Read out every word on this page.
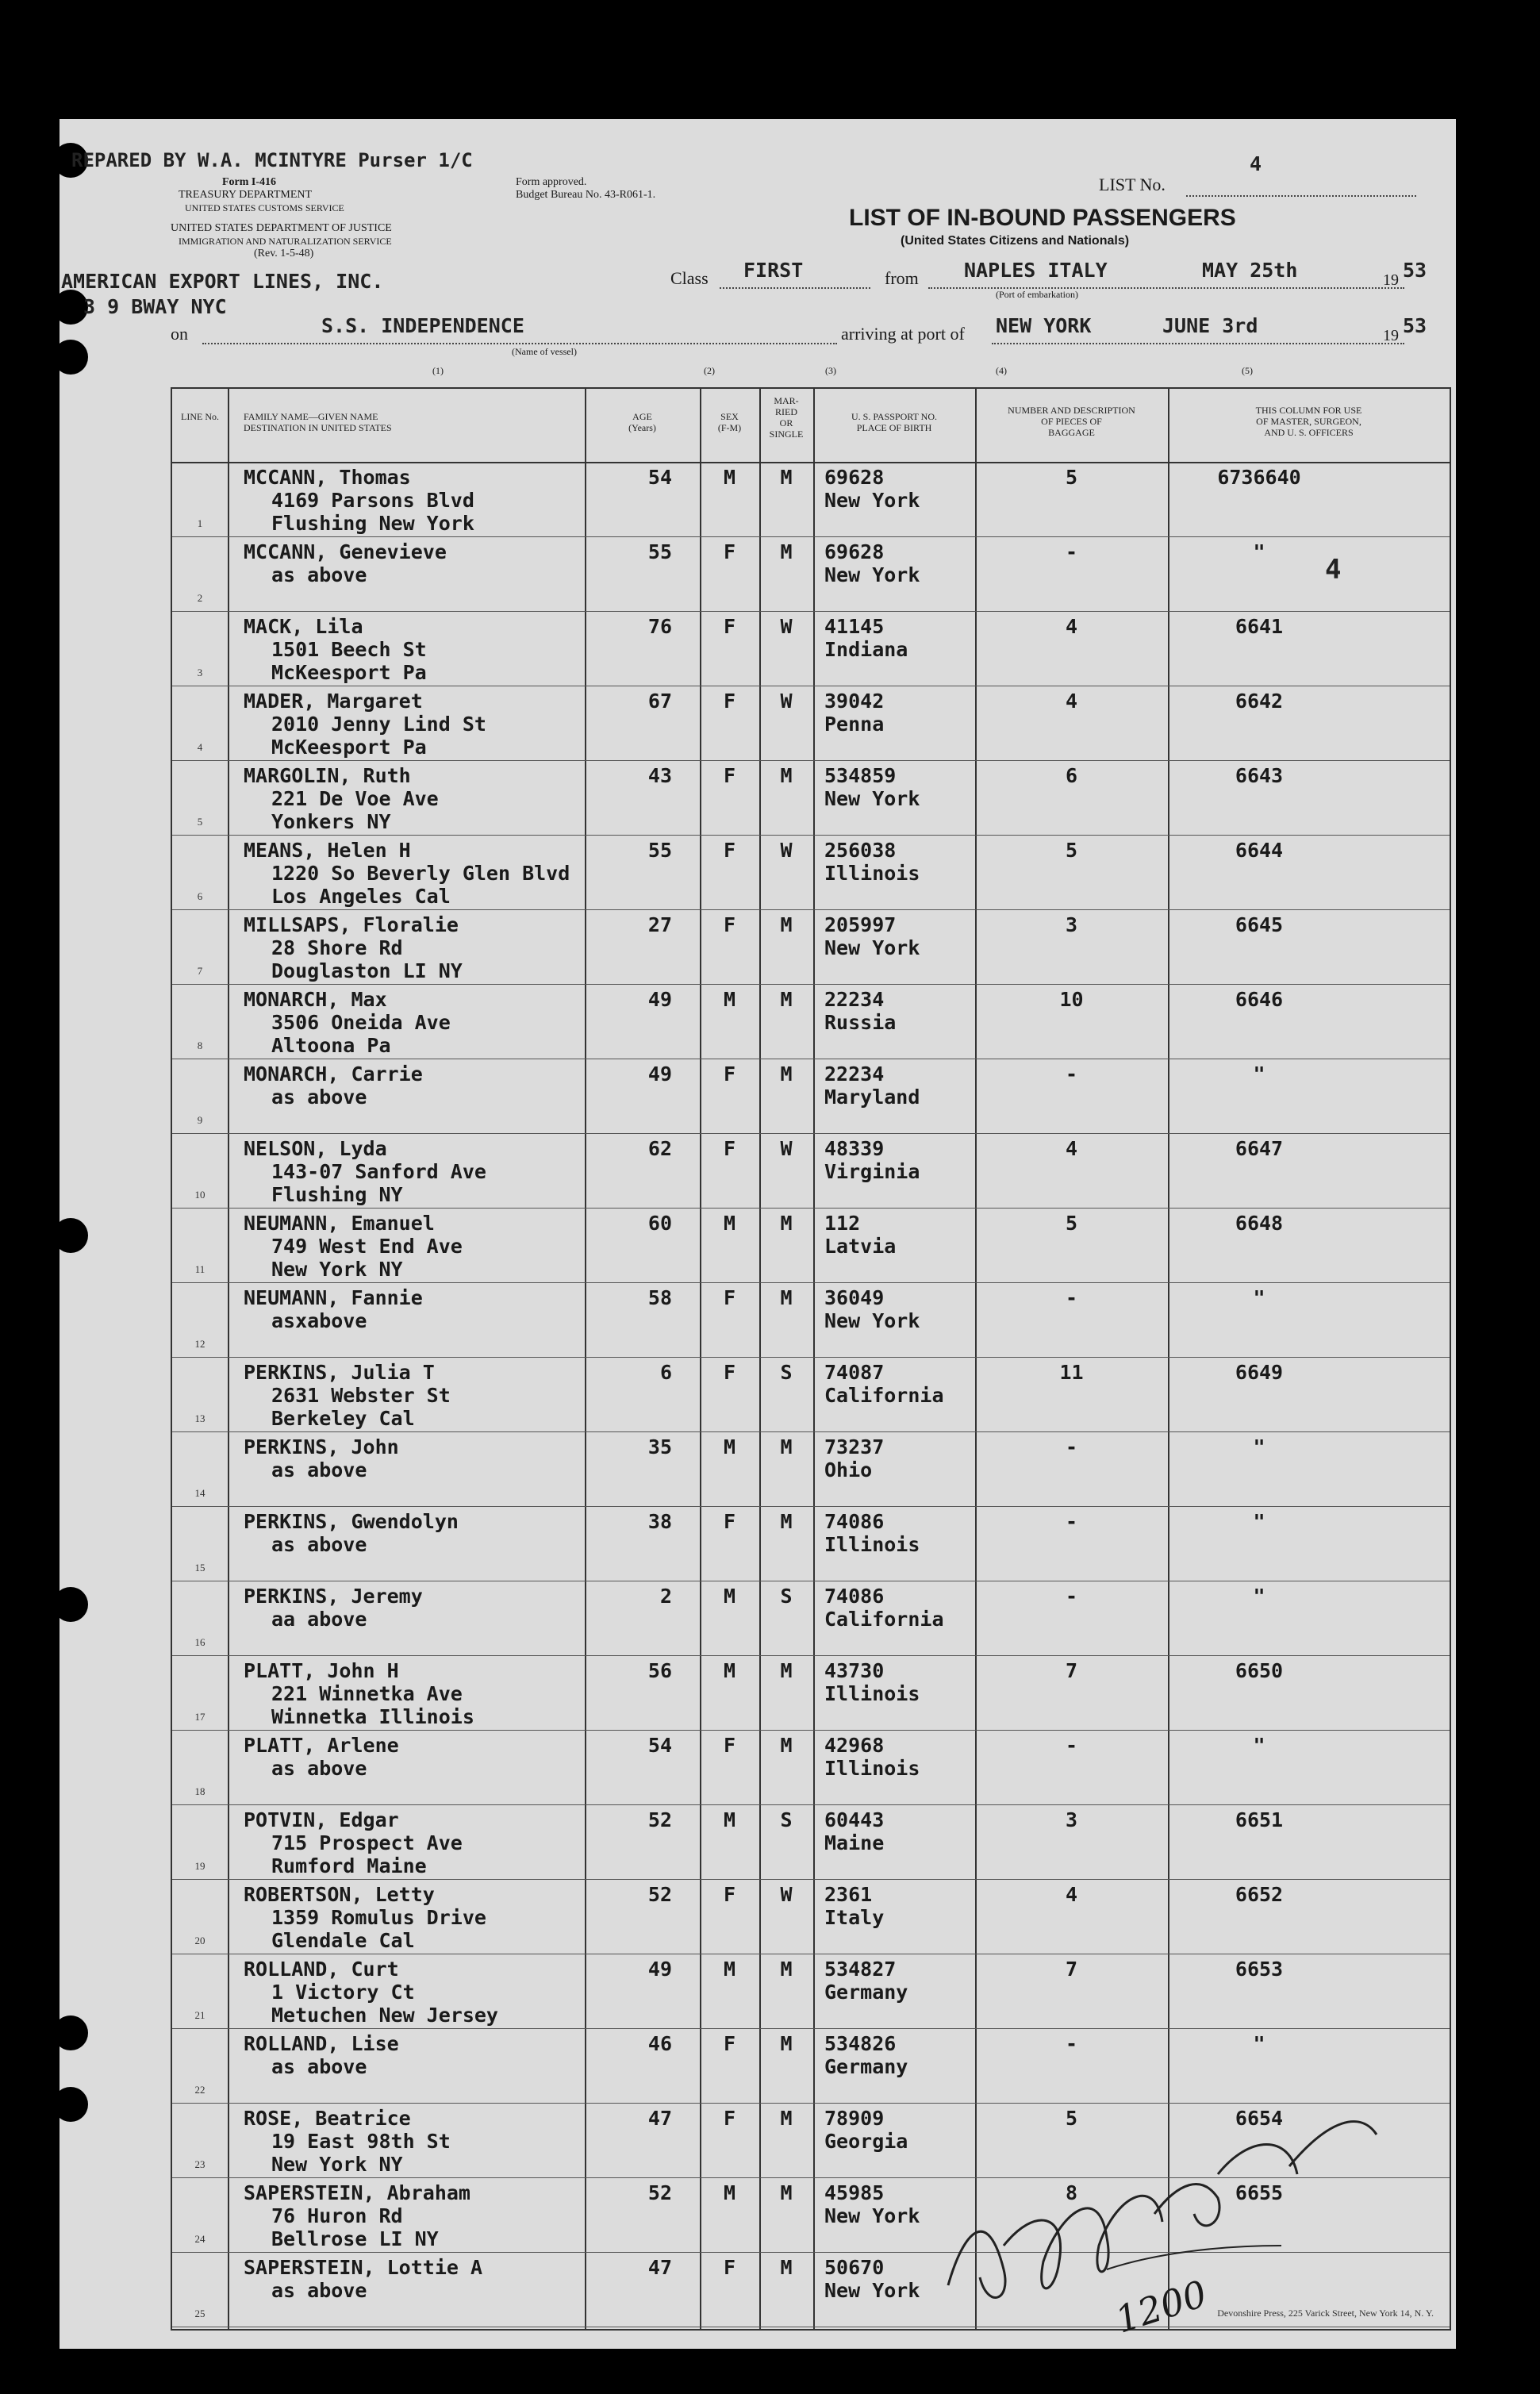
REPARED BY W.A. MCINTYRE Purser 1/C
Form I-416
TREASURY DEPARTMENT
UNITED STATES CUSTOMS SERVICE
Form approved.
Budget Bureau No. 43-R061-1.
UNITED STATES DEPARTMENT OF JUSTICE
IMMIGRATION AND NATURALIZATION SERVICE
(Rev. 1-5-48)
LIST No.
4
LIST OF IN-BOUND PASSENGERS
(United States Citizens and Nationals)
AMERICAN EXPORT LINES, INC.
3 9 BWAY NYC
Class FIRST	from NAPLES ITALY
(Port of embarkation)
MAY 25th	19 53
on	S.S. INDEPENDENCE
(Name of vessel)
arriving at port of NEW YORK	JUNE 3rd	19 53
(1)	(2)	(3)	(4)	(5)
LINE No.	FAMILY NAME—GIVEN NAME
DESTINATION IN UNITED STATES
AGE
(Years)
SEX
(F-M)
MAR-
RIED
OR
SINGLE
U. S. PASSPORT NO.
PLACE OF BIRTH
NUMBER AND DESCRIPTION
OF PIECES OF
BAGGAGE
THIS COLUMN FOR USE
OF MASTER, SURGEON,
AND U. S. OFFICERS
1
MCCANN, Thomas
4169 Parsons Blvd
Flushing New York
54	M	M	69628
New York
5	6736640
2
MCCANN, Genevieve
as above
55	F	M	69628
New York
-	"
3
MACK, Lila
1501 Beech St
McKeesport Pa
76	F	W	41145
Indiana
4	6641
4
MADER, Margaret
2010 Jenny Lind St
McKeesport Pa
67	F	W	39042
Penna
4	6642
5
MARGOLIN, Ruth
221 De Voe Ave
Yonkers NY
43	F	M	534859
New York
6	6643
6
MEANS, Helen H
1220 So Beverly Glen Blvd
Los Angeles Cal
55	F	W	256038
Illinois
5	6644
7
MILLSAPS, Floralie
28 Shore Rd
Douglaston LI NY
27	F	M	205997
New York
3	6645
8
MONARCH, Max
3506 Oneida Ave
Altoona Pa
49	M	M	22234
Russia
10	6646
9
MONARCH, Carrie
as above
49	F	M	22234
Maryland
-	"
10
NELSON, Lyda
143-07 Sanford Ave
Flushing NY
62	F	W	48339
Virginia
4	6647
11
NEUMANN, Emanuel
749 West End Ave
New York NY
60	M	M	112
Latvia
5	6648
12
NEUMANN, Fannie
asxabove
58	F	M	36049
New York
-	"
13
PERKINS, Julia T
2631 Webster St
Berkeley Cal
6	F	S	74087
California
11	6649
14
PERKINS, John
as above
35	M	M	73237
Ohio
-	"
15
PERKINS, Gwendolyn
as above
38	F	M	74086
Illinois
-	"
16
PERKINS, Jeremy
aa above
2	M	S	74086
California
-	"
17
PLATT, John H
221 Winnetka Ave
Winnetka Illinois
56	M	M	43730
Illinois
7	6650
18
PLATT, Arlene
as above
54	F	M	42968
Illinois
-	"
19
POTVIN, Edgar
715 Prospect Ave
Rumford Maine
52	M	S	60443
Maine
3	6651
20
ROBERTSON, Letty
1359 Romulus Drive
Glendale Cal
52	F	W	2361
Italy
4	6652
21
ROLLAND, Curt
1 Victory Ct
Metuchen New Jersey
49	M	M	534827
Germany
7	6653
22
ROLLAND, Lise
as above
46	F	M	534826
Germany
-	"
23
ROSE, Beatrice
19 East 98th St
New York NY
47	F	M	78909
Georgia
5	6654
24
SAPERSTEIN, Abraham
76 Huron Rd
Bellrose LI NY
52	M	M	45985
New York
8	6655
25
SAPERSTEIN, Lottie A
as above
47	F	M	50670
New York
Devonshire Press, 225 Varick Street, New York 14, N. Y.
4
1200
